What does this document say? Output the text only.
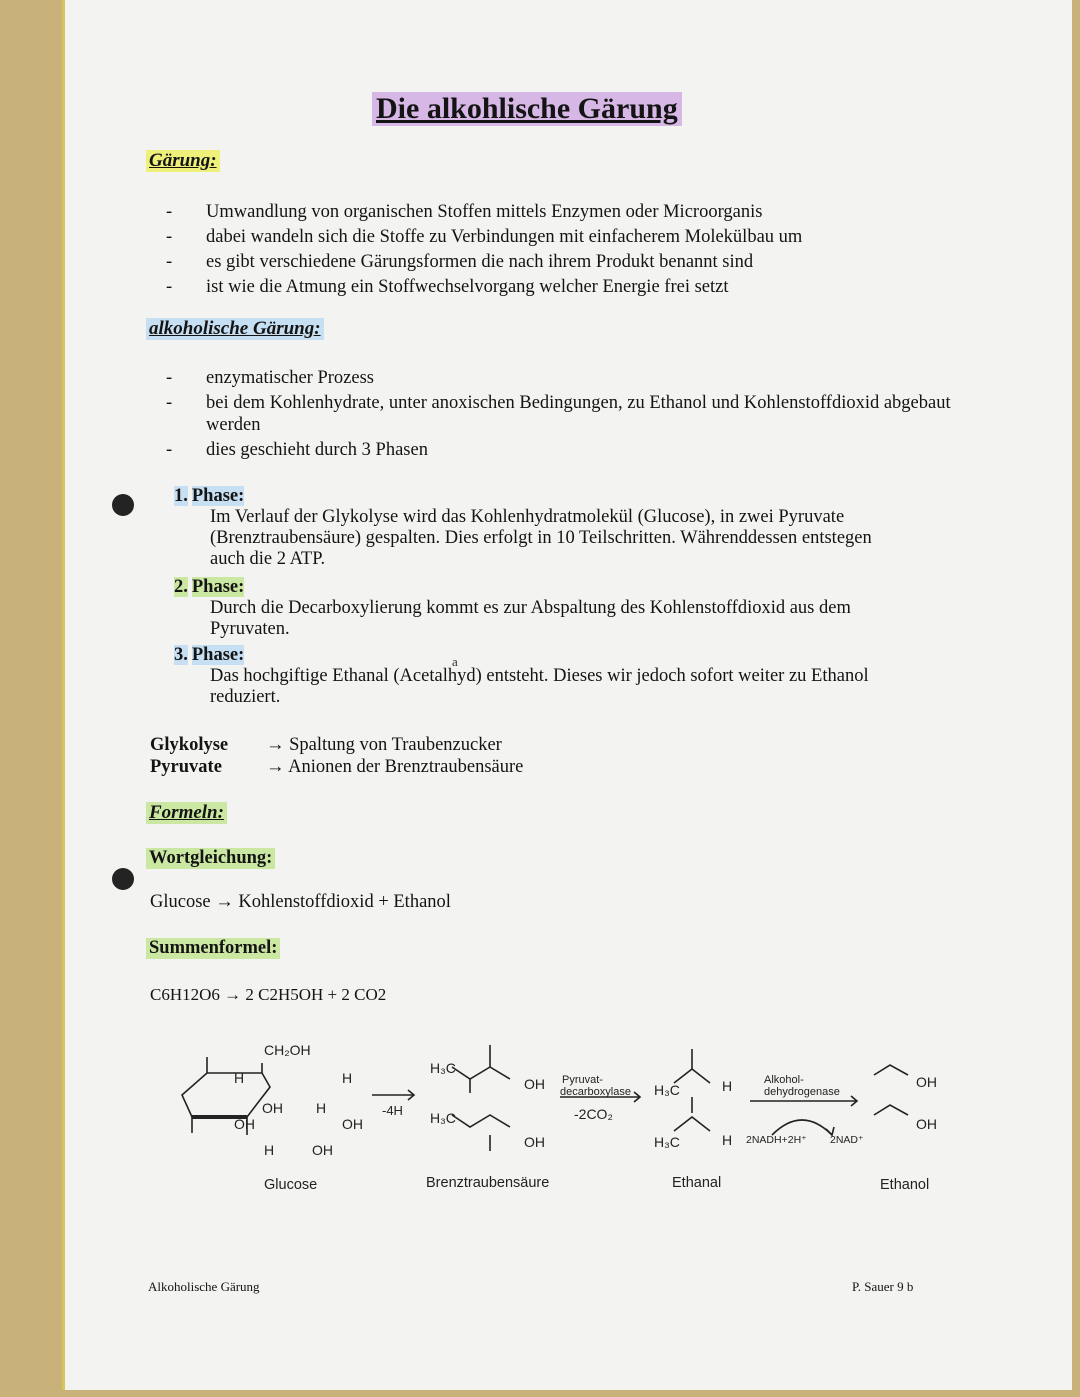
Die alkohlische Gärung
Gärung:
-	Umwandlung von organischen Stoffen mittels Enzymen oder Microorganis
-	dabei wandeln sich die Stoffe zu Verbindungen mit einfacherem Molekülbau um
-	es gibt verschiedene Gärungsformen die nach ihrem Produkt benannt sind
-	ist wie die Atmung ein Stoffwechselvorgang welcher Energie frei setzt
alkoholische Gärung:
-	enzymatischer Prozess
-	bei dem Kohlenhydrate, unter anoxischen Bedingungen, zu Ethanol und Kohlenstoffdioxid abgebaut werden
-	dies geschieht durch 3 Phasen
1. Phase:
Im Verlauf der Glykolyse wird das Kohlenhydratmolekül (Glucose), in zwei Pyruvate (Brenztraubensäure) gespalten. Dies erfolgt in 10 Teilschritten. Währenddessen entstegen auch die 2 ATP.
2. Phase:
Durch die Decarboxylierung kommt es zur Abspaltung des Kohlenstoffdioxid aus dem Pyruvaten.
3. Phase:
Das hochgiftige Ethanal (Acetalhyd) entsteht. Dieses wir jedoch sofort weiter zu Ethanol reduziert.
a
Glykolyse	→ Spaltung von Traubenzucker
Pyruvate	→ Anionen der Brenztraubensäure
Formeln:
Wortgleichung:
Glucose → Kohlenstoffdioxid + Ethanol
Summenformel:
C6H12O6 → 2 C2H5OH + 2 CO2
CH₂OH
H	H
OH H
OH	OH
H	OH
H₃C
H₃C
OH
OH
H₃C
H₃C
H
H
OH
OH
-4H
Pyruvat-
decarboxylase
-2CO₂
Alkohol-
dehydrogenase
2NADH+2H⁺ 2NAD⁺
Glucose	Brenztraubensäure	Ethanal	Ethanol
Alkoholische Gärung	P. Sauer 9 b
